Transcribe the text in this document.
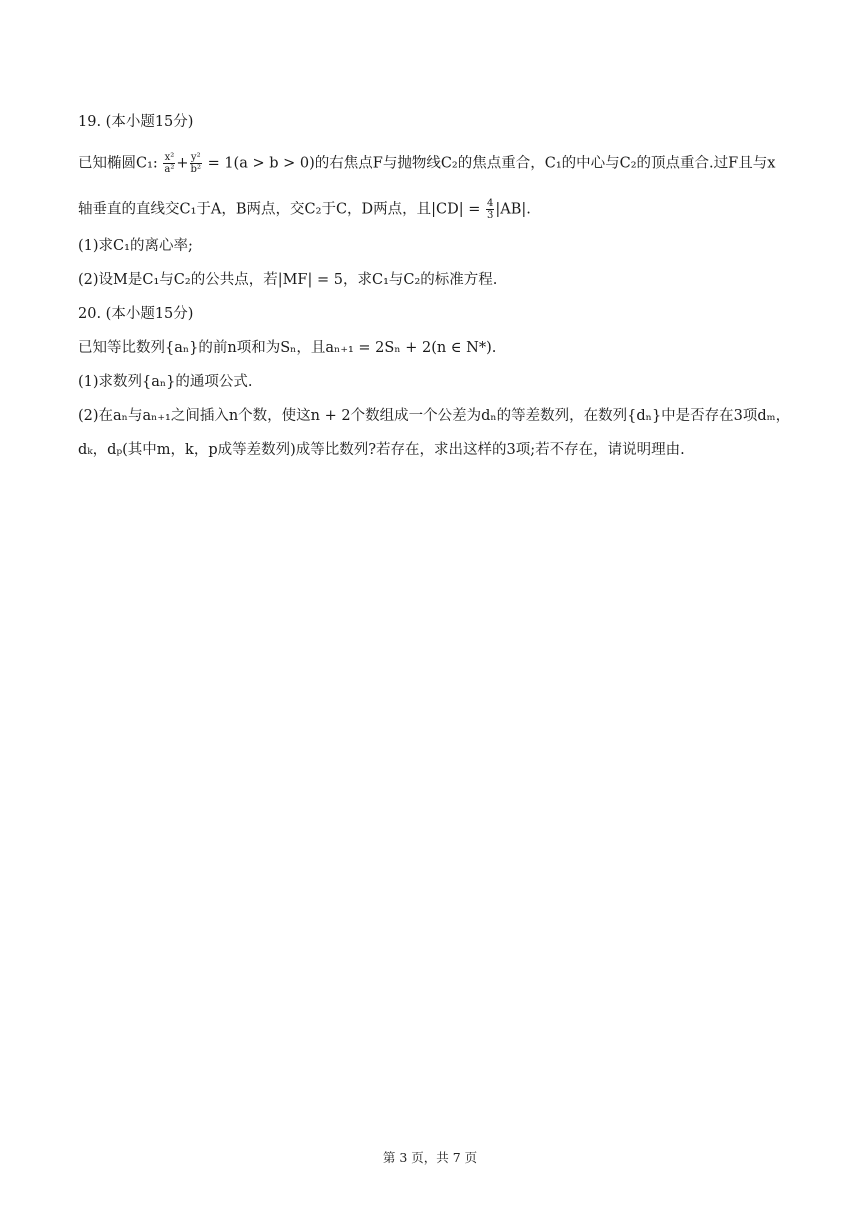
19. (本小题15分)
已知椭圆C₁: $\frac{\text{x²}}{\text{a²}} + \frac{\text{y²}}{\text{b²}} = 1(a > b > 0)$的右焦点F与抛物线C₂的焦点重合，C₁的中心与C₂的顶点重合.过F且与x
轴垂直的直线交C₁于A，B两点，交C₂于C，D两点，且$|CD| = \frac{4}{3} |AB|$.
(1)求C₁的离心率;
(2)设M是C₁与C₂的公共点，若|MF| = 5，求C₁与C₂的标准方程.
20. (本小题15分)
已知等比数列{aₙ}的前n项和为Sₙ，且aₙ₊₁ = 2Sₙ + 2(n ∈ N*).
(1)求数列{aₙ}的通项公式.
(2)在aₙ与aₙ₊₁之间插入n个数，使这n + 2个数组成一个公差为dₙ的等差数列，在数列{dₙ}中是否存在3项dₘ，
dₖ，dₚ(其中m，k，p成等差数列)成等比数列?若存在，求出这样的3项;若不存在，请说明理由.
第 3 页，共 7 页
